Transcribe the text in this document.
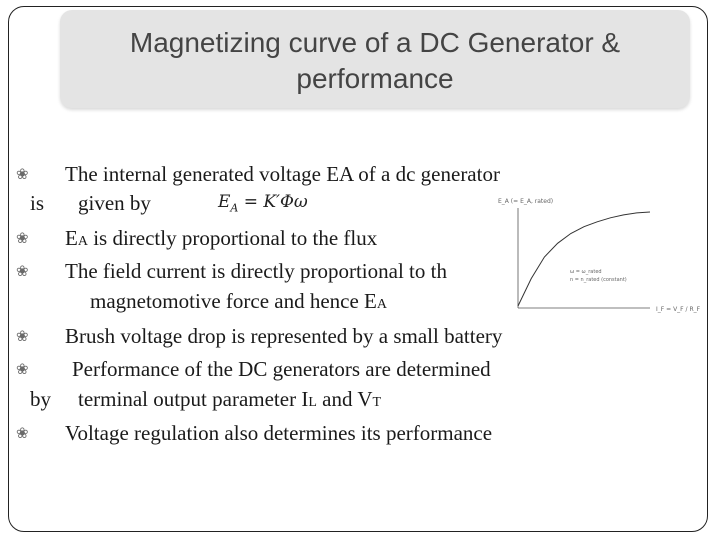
Magnetizing curve of a DC Generator &
performance
❀ The internal generated voltage EA of a dc generator
is given by	$E_A = K'\Phi\omega$
❀ EA is directly proportional to the flux
❀ The field current is directly proportional to th
magnetomotive force and hence EA
❀ Brush voltage drop is represented by a small battery
❀ Performance of the DC generators are determined
by terminal output parameter IL and VT
❀ Voltage regulation also determines its performance
E_A (= E_A, rated)
ω = ω_rated
n = n_rated (constant)
I_F = V_F / R_F
